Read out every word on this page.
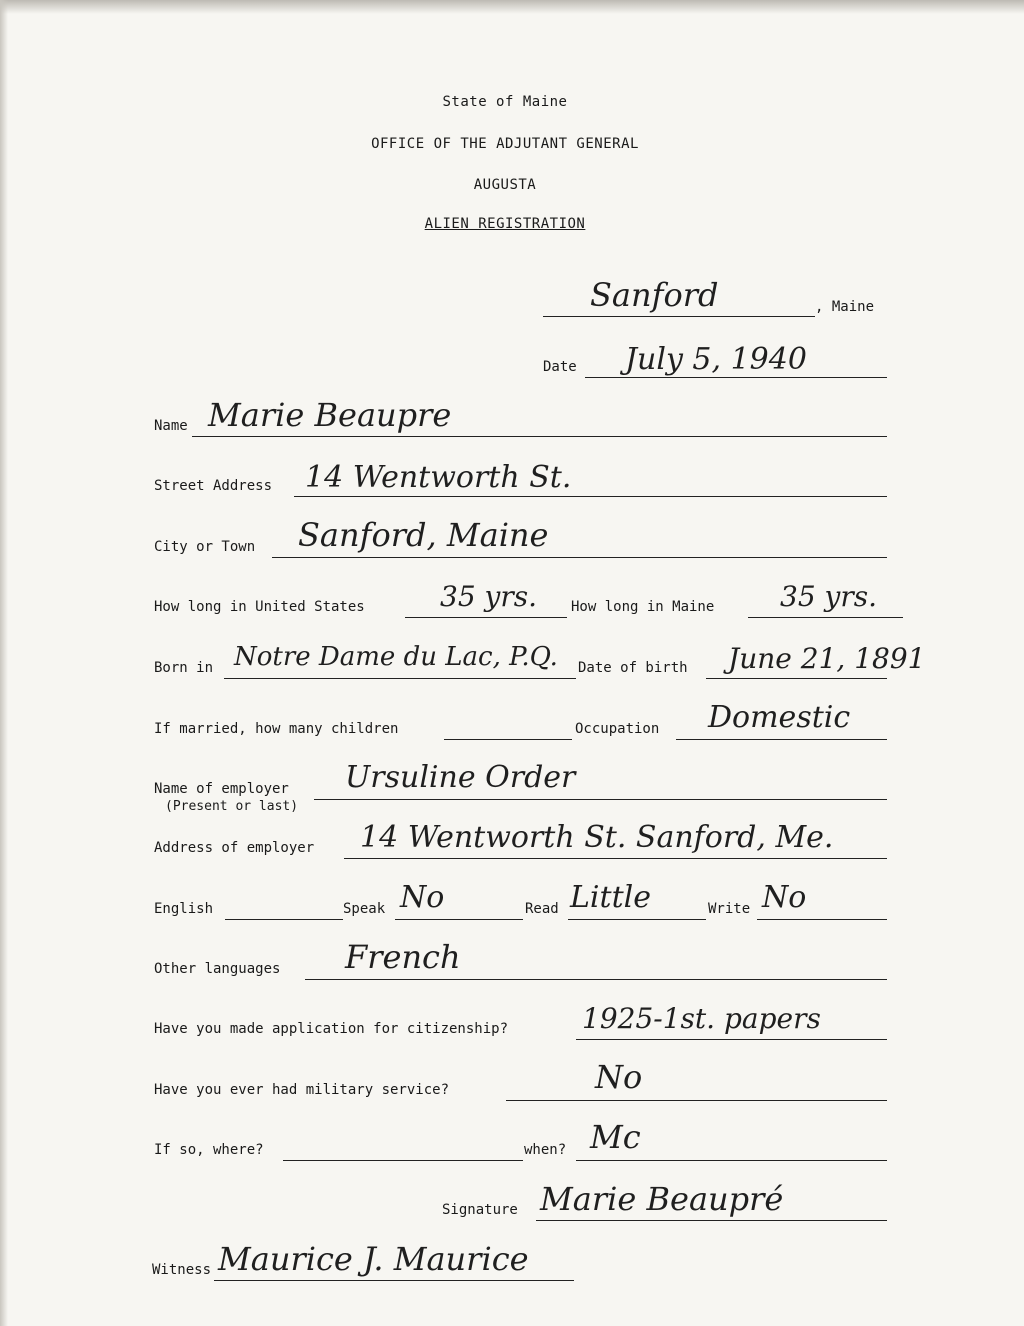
State of Maine
OFFICE OF THE ADJUTANT GENERAL
AUGUSTA
ALIEN REGISTRATION
Sanford	, Maine
Date July 5, 1940
Name Marie Beaupre
Street Address 14 Wentworth St.
City or Town Sanford, Maine
How long in United States	35 yrs. How long in Maine 35 yrs.
Born in Notre Dame du Lac, P.Q. Date of birth June 21, 1891
If married, how many children	Occupation Domestic
Name of employer
(Present or last)
Ursuline Order
Address of employer 14 Wentworth St. Sanford, Me.
English	Speak No	Read Little	Write No
Other languages French
Have you made application for citizenship?	1925-1st. papers
Have you ever had military service?	No
If so, where?	when? Mc
Signature Marie Beaupré
Witness Maurice J. Maurice
